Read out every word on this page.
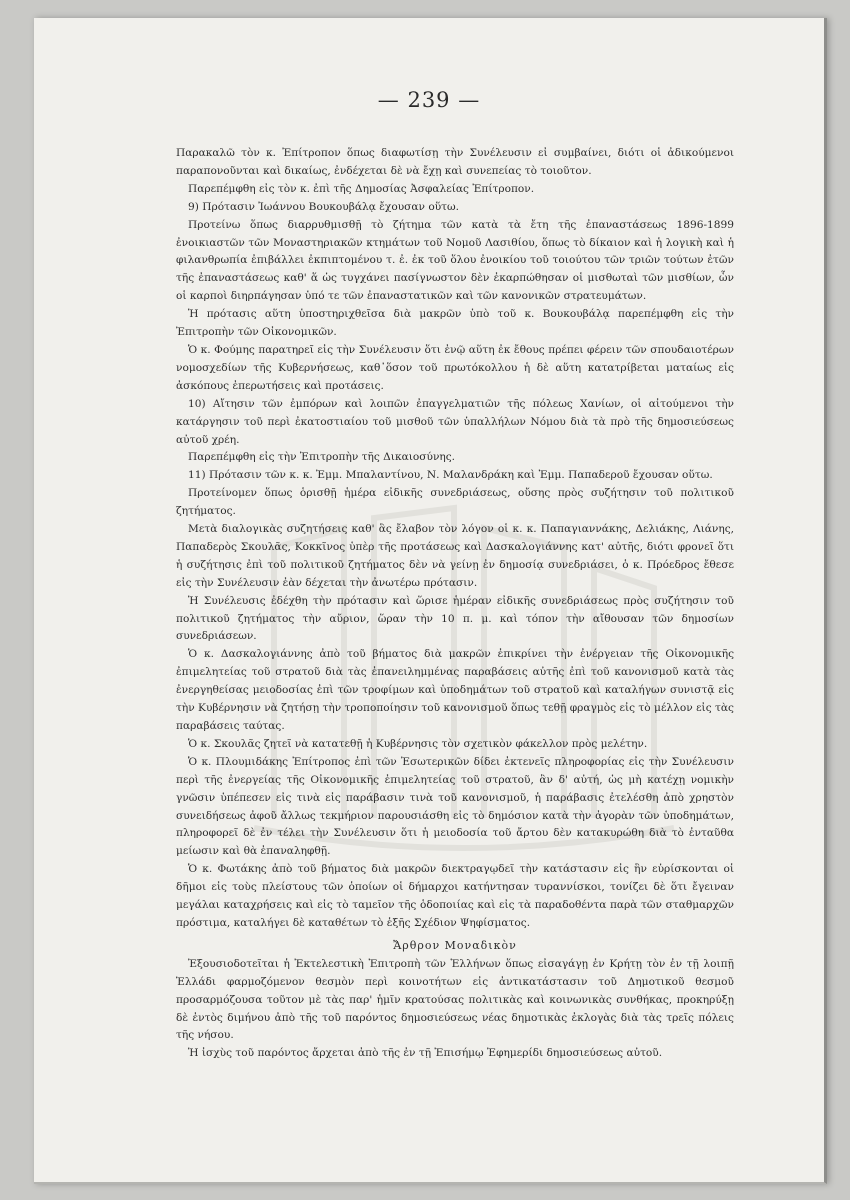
— 239 —

Παρακαλῶ τὸν κ. Ἐπίτροπον ὅπως διαφωτίσῃ τὴν Συνέλευσιν εἰ συμβαίνει, διότι οἱ ἀδικούμενοι παραπονοῦνται καὶ δικαίως, ἐνδέχεται δὲ νὰ ἔχῃ καὶ συνεπείας τὸ τοιοῦτον.

Παρεπέμφθη εἰς τὸν κ. ἐπὶ τῆς Δημοσίας Ἀσφαλείας Ἐπίτροπον.

9) Πρότασιν Ἰωάννου Βουκουβάλᾳ ἔχουσαν οὕτω.

Προτείνω ὅπως διαρρυθμισθῇ τὸ ζήτημα τῶν κατὰ τὰ ἔτη τῆς ἐπαναστάσεως 1896-1899 ἐνοικιαστῶν τῶν Μοναστηριακῶν κτημάτων τοῦ Νομοῦ Λασιθίου, ὅπως τὸ δίκαιον καὶ ἡ λογικὴ καὶ ἡ φιλανθρωπία ἐπιβάλλει ἐκπιπτομένου τ. ἐ. ἐκ τοῦ ὅλου ἐνοικίου τοῦ τοιούτου τῶν τριῶν τούτων ἐτῶν τῆς ἐπαναστάσεως καθ' ἅ ὡς τυγχάνει πασίγνωστον δὲν ἐκαρπώθησαν οἱ μισθωταὶ τῶν μισθίων, ὧν οἱ καρποὶ διηρπάγησαν ὑπό τε τῶν ἐπαναστατικῶν καὶ τῶν κανονικῶν στρατευμάτων.

Ἡ πρότασις αὕτη ὑποστηριχθεῖσα διὰ μακρῶν ὑπὸ τοῦ κ. Βουκουβάλᾳ παρεπέμφθη εἰς τὴν Ἐπιτροπὴν τῶν Οἰκονομικῶν.

Ὁ κ. Φούμης παρατηρεῖ εἰς τὴν Συνέλευσιν ὅτι ἐνῷ αὕτη ἐκ ἔθους πρέπει φέρειν τῶν σπουδαιοτέρων νομοσχεδίων τῆς Κυβερνήσεως, καθ᾿ὅσον τοῦ πρωτόκολλου ἡ δὲ αὕτη κατατρίβεται ματαίως εἰς ἀσκόπους ἐπερωτήσεις καὶ προτάσεις.

10) Αἴτησιν τῶν ἐμπόρων καὶ λοιπῶν ἐπαγγελματιῶν τῆς πόλεως Χανίων, οἱ αἰτούμενοι τὴν κατάργησιν τοῦ περὶ ἐκατοστιαίου τοῦ μισθοῦ τῶν ὑπαλλήλων Νόμου διὰ τὰ πρὸ τῆς δημοσιεύσεως αὐτοῦ χρέη.

Παρεπέμφθη εἰς τὴν Ἐπιτροπὴν τῆς Δικαιοσύνης.

11) Πρότασιν τῶν κ. κ. Ἐμμ. Μπαλαντίνου, Ν. Μαλανδράκη καὶ Ἐμμ. Παπαδεροῦ ἔχουσαν οὕτω.

Προτείνομεν ὅπως ὁρισθῇ ἡμέρα εἰδικῆς συνεδριάσεως, οὔσης πρὸς συζήτησιν τοῦ πολιτικοῦ ζητήματος.

Μετὰ διαλογικὰς συζητήσεις καθ' ἃς ἔλαβον τὸν λόγον οἱ κ. κ. Παπαγιαννάκης, Δελιάκης, Λιάνης, Παπαδερὸς Σκουλᾶς, Κοκκῖνος ὑπὲρ τῆς προτάσεως καὶ Δασκαλογιάννης κατ' αὐτῆς, διότι φρονεῖ ὅτι ἡ συζήτησις ἐπὶ τοῦ πολιτικοῦ ζητήματος δὲν νὰ γείνῃ ἐν δημοσίᾳ συνεδριάσει, ὁ κ. Πρόεδρος ἔθεσε εἰς τὴν Συνέλευσιν ἐὰν δέχεται τὴν ἀνωτέρω πρότασιν.

Ἡ Συνέλευσις ἐδέχθη τὴν πρότασιν καὶ ὥρισε ἡμέραν εἰδικῆς συνεδριάσεως πρὸς συζήτησιν τοῦ πολιτικοῦ ζητήματος τὴν αὔριον, ὥραν τὴν 10 π. μ. καὶ τόπον τὴν αἴθουσαν τῶν δημοσίων συνεδριάσεων.

Ὁ κ. Δασκαλογιάννης ἀπὸ τοῦ βήματος διὰ μακρῶν ἐπικρίνει τὴν ἐνέργειαν τῆς Οἰκονομικῆς ἐπιμελητείας τοῦ στρατοῦ διὰ τὰς ἐπανειλημμένας παραβάσεις αὐτῆς ἐπὶ τοῦ κανονισμοῦ κατὰ τὰς ἐνεργηθείσας μειοδοσίας ἐπὶ τῶν τροφίμων καὶ ὑποδημάτων τοῦ στρατοῦ καὶ καταλήγων συνιστᾷ εἰς τὴν Κυβέρνησιν νὰ ζητήσῃ τὴν τροποποίησιν τοῦ κανονισμοῦ ὅπως τεθῇ φραγμὸς εἰς τὸ μέλλον εἰς τὰς παραβάσεις ταύτας.

Ὁ κ. Σκουλᾶς ζητεῖ νὰ κατατεθῇ ἡ Κυβέρνησις τὸν σχετικὸν φάκελλον πρὸς μελέτην.

Ὁ κ. Πλουμιδάκης Ἐπίτροπος ἐπὶ τῶν Ἐσωτερικῶν δίδει ἐκτενεῖς πληροφορίας εἰς τὴν Συνέλευσιν περὶ τῆς ἐνεργείας τῆς Οἰκονομικῆς ἐπιμελητείας τοῦ στρατοῦ, ἂν δ' αὐτή, ὡς μὴ κατέχῃ νομικὴν γνῶσιν ὑπέπεσεν εἰς τινὰ εἰς παράβασιν τινὰ τοῦ κανονισμοῦ, ἡ παράβασις ἐτελέσθη ἀπὸ χρηστὸν συνειδήσεως ἀφοῦ ἄλλως τεκμήριον παρουσιάσθη εἰς τὸ δημόσιον κατὰ τὴν ἀγορὰν τῶν ὑποδημάτων, πληροφορεῖ δὲ ἐν τέλει τὴν Συνέλευσιν ὅτι ἡ μειοδοσία τοῦ ἄρτου δὲν κατακυρώθη διὰ τὸ ἐνταῦθα μείωσιν καὶ θὰ ἐπαναληφθῇ.

Ὁ κ. Φωτάκης ἀπὸ τοῦ βήματος διὰ μακρῶν διεκτραγῳδεῖ τὴν κατάστασιν εἰς ἣν εὑρίσκονται οἱ δῆμοι εἰς τοὺς πλείστους τῶν ὁποίων οἱ δήμαρχοι κατήντησαν τυραννίσκοι, τονίζει δὲ ὅτι ἔγειναν μεγάλαι καταχρήσεις καὶ εἰς τὸ ταμεῖον τῆς ὁδοποιίας καὶ εἰς τὰ παραδοθέντα παρὰ τῶν σταθμαρχῶν πρόστιμα, καταλήγει δὲ καταθέτων τὸ ἑξῆς Σχέδιον Ψηφίσματος.

Ἄρθρον Μοναδικὸν

Ἐξουσιοδοτεῖται ἡ Ἐκτελεστικὴ Ἐπιτροπὴ τῶν Ἑλλήνων ὅπως εἰσαγάγῃ ἐν Κρήτῃ τὸν ἐν τῇ λοιπῇ Ἑλλάδι φαρμοζόμενον θεσμὸν περὶ κοινοτήτων εἰς ἀντικατάστασιν τοῦ Δημοτικοῦ θεσμοῦ προσαρμόζουσα τοῦτον μὲ τὰς παρ' ἡμῖν κρατούσας πολιτικὰς καὶ κοινωνικὰς συνθήκας, προκηρύξῃ δὲ ἐντὸς διμήνου ἀπὸ τῆς τοῦ παρόντος δημοσιεύσεως νέας δημοτικὰς ἐκλογὰς διὰ τὰς τρεῖς πόλεις τῆς νήσου.

Ἡ ἰσχὺς τοῦ παρόντος ἄρχεται ἀπὸ τῆς ἐν τῇ Ἐπισήμῳ Ἐφημερίδι δημοσιεύσεως αὐτοῦ.
